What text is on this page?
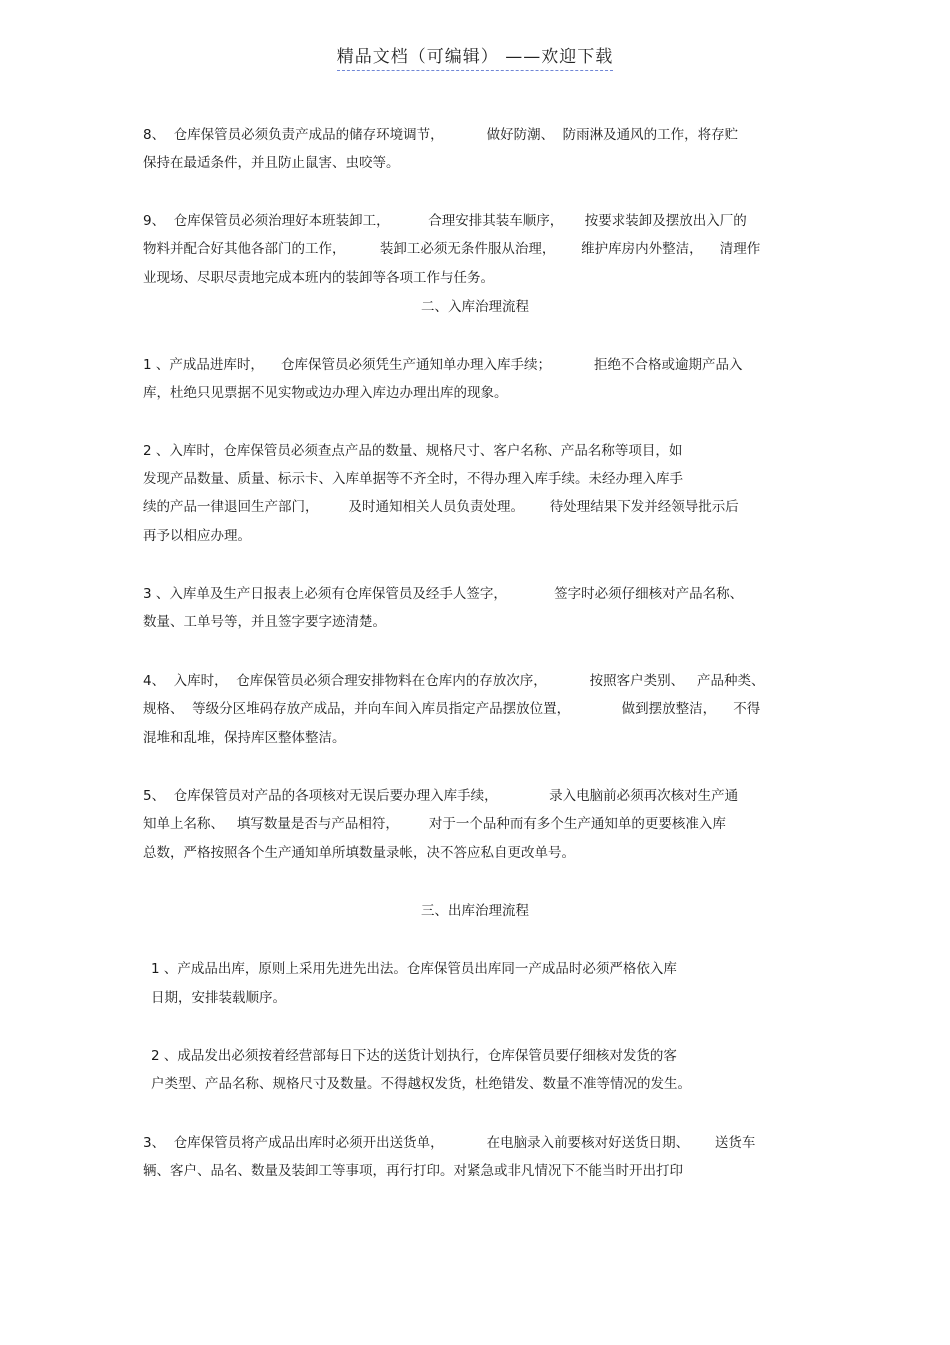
精品文档（可编辑） ——欢迎下载
8、  仓库保管员必须负责产成品的储存环境调节，          做好防潮、  防雨淋及通风的工作，将存贮
保持在最适条件，并且防止鼠害、虫咬等。
9、  仓库保管员必须治理好本班装卸工，         合理安排其装车顺序，     按要求装卸及摆放出入厂的
物料并配合好其他各部门的工作，        装卸工必须无条件服从治理，      维护库房内外整洁，    清理作
业现场、尽职尽责地完成本班内的装卸等各项工作与任务。
二、入库治理流程
1 、产成品进库时，    仓库保管员必须凭生产通知单办理入库手续；          拒绝不合格或逾期产品入
库，杜绝只见票据不见实物或边办理入库边办理出库的现象。
2 、入库时，仓库保管员必须查点产品的数量、规格尺寸、客户名称、产品名称等项目，如
发现产品数量、质量、标示卡、入库单据等不齐全时，不得办理入库手续。未经办理入库手
续的产品一律退回生产部门，       及时通知相关人员负责处理。      待处理结果下发并经领导批示后
再予以相应办理。
3 、入库单及生产日报表上必须有仓库保管员及经手人签字，           签字时必须仔细核对产品名称、
数量、工单号等，并且签字要字迹清楚。
4、  入库时，  仓库保管员必须合理安排物料在仓库内的存放次序，          按照客户类别、   产品种类、
规格、  等级分区堆码存放产成品，并向车间入库员指定产品摆放位置，            做到摆放整洁，    不得
混堆和乱堆，保持库区整体整洁。
5、  仓库保管员对产品的各项核对无误后要办理入库手续，            录入电脑前必须再次核对生产通
知单上名称、   填写数量是否与产品相符，       对于一个品种而有多个生产通知单的更要核准入库
总数，严格按照各个生产通知单所填数量录帐，决不答应私自更改单号。
三、出库治理流程
1 、产成品出库，原则上采用先进先出法。仓库保管员出库同一产成品时必须严格依入库
日期，安排装载顺序。
2 、成品发出必须按着经营部每日下达的送货计划执行，仓库保管员要仔细核对发货的客
户类型、产品名称、规格尺寸及数量。不得越权发货，杜绝错发、数量不准等情况的发生。
3、  仓库保管员将产成品出库时必须开出送货单，          在电脑录入前要核对好送货日期、      送货车
辆、客户、品名、数量及装卸工等事项，再行打印。对紧急或非凡情况下不能当时开出打印
